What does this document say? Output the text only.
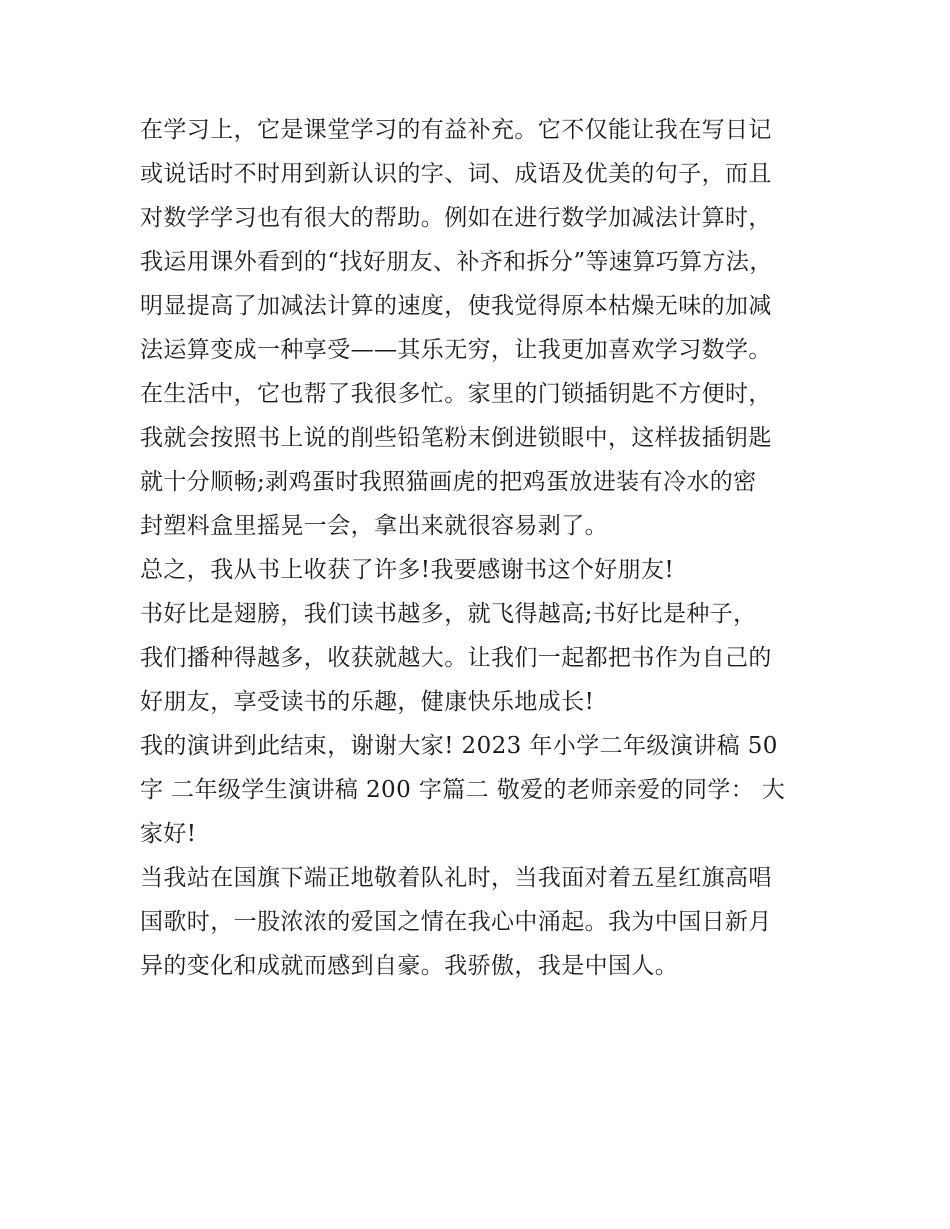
在学习上，它是课堂学习的有益补充。它不仅能让我在写日记
或说话时不时用到新认识的字、词、成语及优美的句子，而且
对数学学习也有很大的帮助。例如在进行数学加减法计算时，
我运用课外看到的“找好朋友、补齐和拆分”等速算巧算方法，
明显提高了加减法计算的速度，使我觉得原本枯燥无味的加减
法运算变成一种享受——其乐无穷，让我更加喜欢学习数学。
在生活中，它也帮了我很多忙。家里的门锁插钥匙不方便时，
我就会按照书上说的削些铅笔粉末倒进锁眼中，这样拔插钥匙
就十分顺畅;剥鸡蛋时我照猫画虎的把鸡蛋放进装有冷水的密
封塑料盒里摇晃一会，拿出来就很容易剥了。
总之，我从书上收获了许多!我要感谢书这个好朋友!
书好比是翅膀，我们读书越多，就飞得越高;书好比是种子，
我们播种得越多，收获就越大。让我们一起都把书作为自己的
好朋友，享受读书的乐趣，健康快乐地成长!
我的演讲到此结束，谢谢大家! 2023 年小学二年级演讲稿 50
字 二年级学生演讲稿 200 字篇二 敬爱的老师亲爱的同学： 大
家好!
当我站在国旗下端正地敬着队礼时，当我面对着五星红旗高唱
国歌时，一股浓浓的爱国之情在我心中涌起。我为中国日新月
异的变化和成就而感到自豪。我骄傲，我是中国人。
